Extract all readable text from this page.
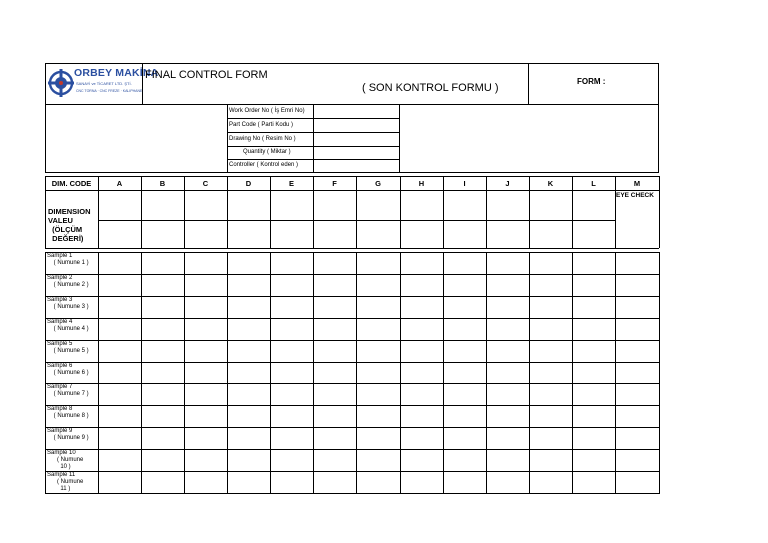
ORBEY MAKİNA
SANAYİ ve TİCARET LTD. ŞTİ.
CNC TORNA · CNC FREZE · KALIPHANE
FINAL CONTROL FORM
( SON KONTROL FORMU )
FORM :
Work Order No ( İş Emri No)
Part Code ( Parti Kodu )
Drawing No ( Resim No )
Quantity ( Miktar )
Controller ( Kontrol eden )
DIM. CODE	A	B	C	D	E	F	G	H	I	J	K	L	M
DIMENSION
VALEU
(ÖLÇÜM
DEĞERİ)
EYE CHECK
Sample 1
( Numune 1 )
Sample 2
( Numune 2 )
Sample 3
( Numune 3 )
Sample 4
( Numune 4 )
Sample 5
( Numune 5 )
Sample 6
( Numune 6 )
Sample 7
( Numune 7 )
Sample 8
( Numune 8 )
Sample 9
( Numune 9 )
Sample 10
( Numune
10 )
Sample 11
( Numune
11 )
